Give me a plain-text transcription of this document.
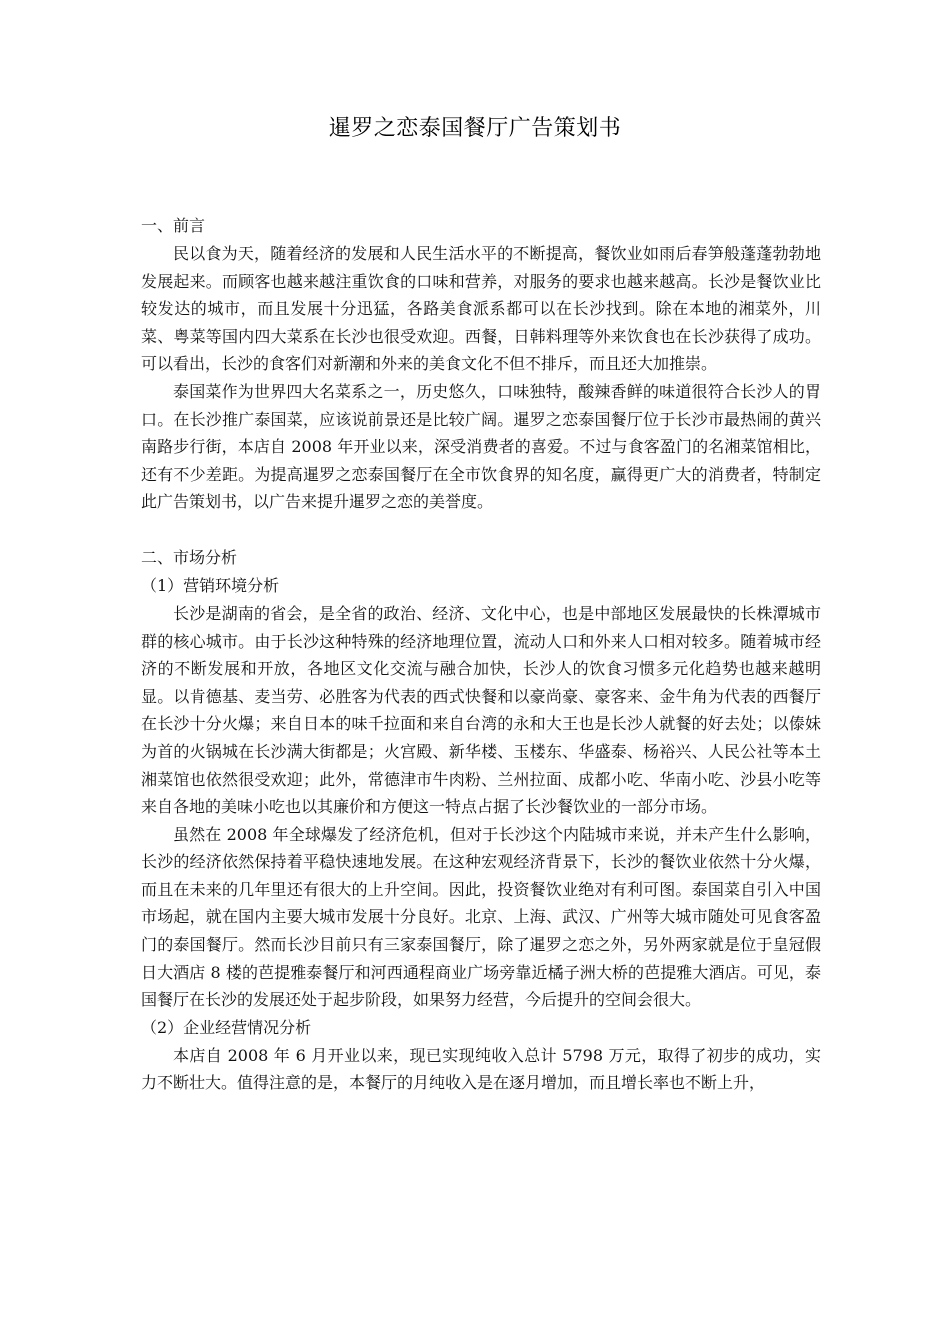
暹罗之恋泰国餐厅广告策划书

一、前言

民以食为天，随着经济的发展和人民生活水平的不断提高，餐饮业如雨后春笋般蓬蓬勃勃地发展起来。而顾客也越来越注重饮食的口味和营养，对服务的要求也越来越高。长沙是餐饮业比较发达的城市，而且发展十分迅猛，各路美食派系都可以在长沙找到。除在本地的湘菜外，川菜、粤菜等国内四大菜系在长沙也很受欢迎。西餐，日韩料理等外来饮食也在长沙获得了成功。可以看出，长沙的食客们对新潮和外来的美食文化不但不排斥，而且还大加推崇。

泰国菜作为世界四大名菜系之一，历史悠久，口味独特，酸辣香鲜的味道很符合长沙人的胃口。在长沙推广泰国菜，应该说前景还是比较广阔。暹罗之恋泰国餐厅位于长沙市最热闹的黄兴南路步行街，本店自 2008 年开业以来，深受消费者的喜爱。不过与食客盈门的名湘菜馆相比，还有不少差距。为提高暹罗之恋泰国餐厅在全市饮食界的知名度，赢得更广大的消费者，特制定此广告策划书，以广告来提升暹罗之恋的美誉度。

二、市场分析

（1）营销环境分析

长沙是湖南的省会，是全省的政治、经济、文化中心，也是中部地区发展最快的长株潭城市群的核心城市。由于长沙这种特殊的经济地理位置，流动人口和外来人口相对较多。随着城市经济的不断发展和开放，各地区文化交流与融合加快，长沙人的饮食习惯多元化趋势也越来越明显。以肯德基、麦当劳、必胜客为代表的西式快餐和以豪尚豪、豪客来、金牛角为代表的西餐厅在长沙十分火爆；来自日本的味千拉面和来自台湾的永和大王也是长沙人就餐的好去处；以傣妹为首的火锅城在长沙满大街都是；火宫殿、新华楼、玉楼东、华盛泰、杨裕兴、人民公社等本土湘菜馆也依然很受欢迎；此外，常德津市牛肉粉、兰州拉面、成都小吃、华南小吃、沙县小吃等来自各地的美味小吃也以其廉价和方便这一特点占据了长沙餐饮业的一部分市场。

虽然在 2008 年全球爆发了经济危机，但对于长沙这个内陆城市来说，并未产生什么影响，长沙的经济依然保持着平稳快速地发展。在这种宏观经济背景下，长沙的餐饮业依然十分火爆，而且在未来的几年里还有很大的上升空间。因此，投资餐饮业绝对有利可图。泰国菜自引入中国市场起，就在国内主要大城市发展十分良好。北京、上海、武汉、广州等大城市随处可见食客盈门的泰国餐厅。然而长沙目前只有三家泰国餐厅，除了暹罗之恋之外，另外两家就是位于皇冠假日大酒店 8 楼的芭提雅泰餐厅和河西通程商业广场旁靠近橘子洲大桥的芭提雅大酒店。可见，泰国餐厅在长沙的发展还处于起步阶段，如果努力经营，今后提升的空间会很大。

（2）企业经营情况分析

本店自 2008 年 6 月开业以来，现已实现纯收入总计 5798 万元，取得了初步的成功，实力不断壮大。值得注意的是，本餐厅的月纯收入是在逐月增加，而且增长率也不断上升，
